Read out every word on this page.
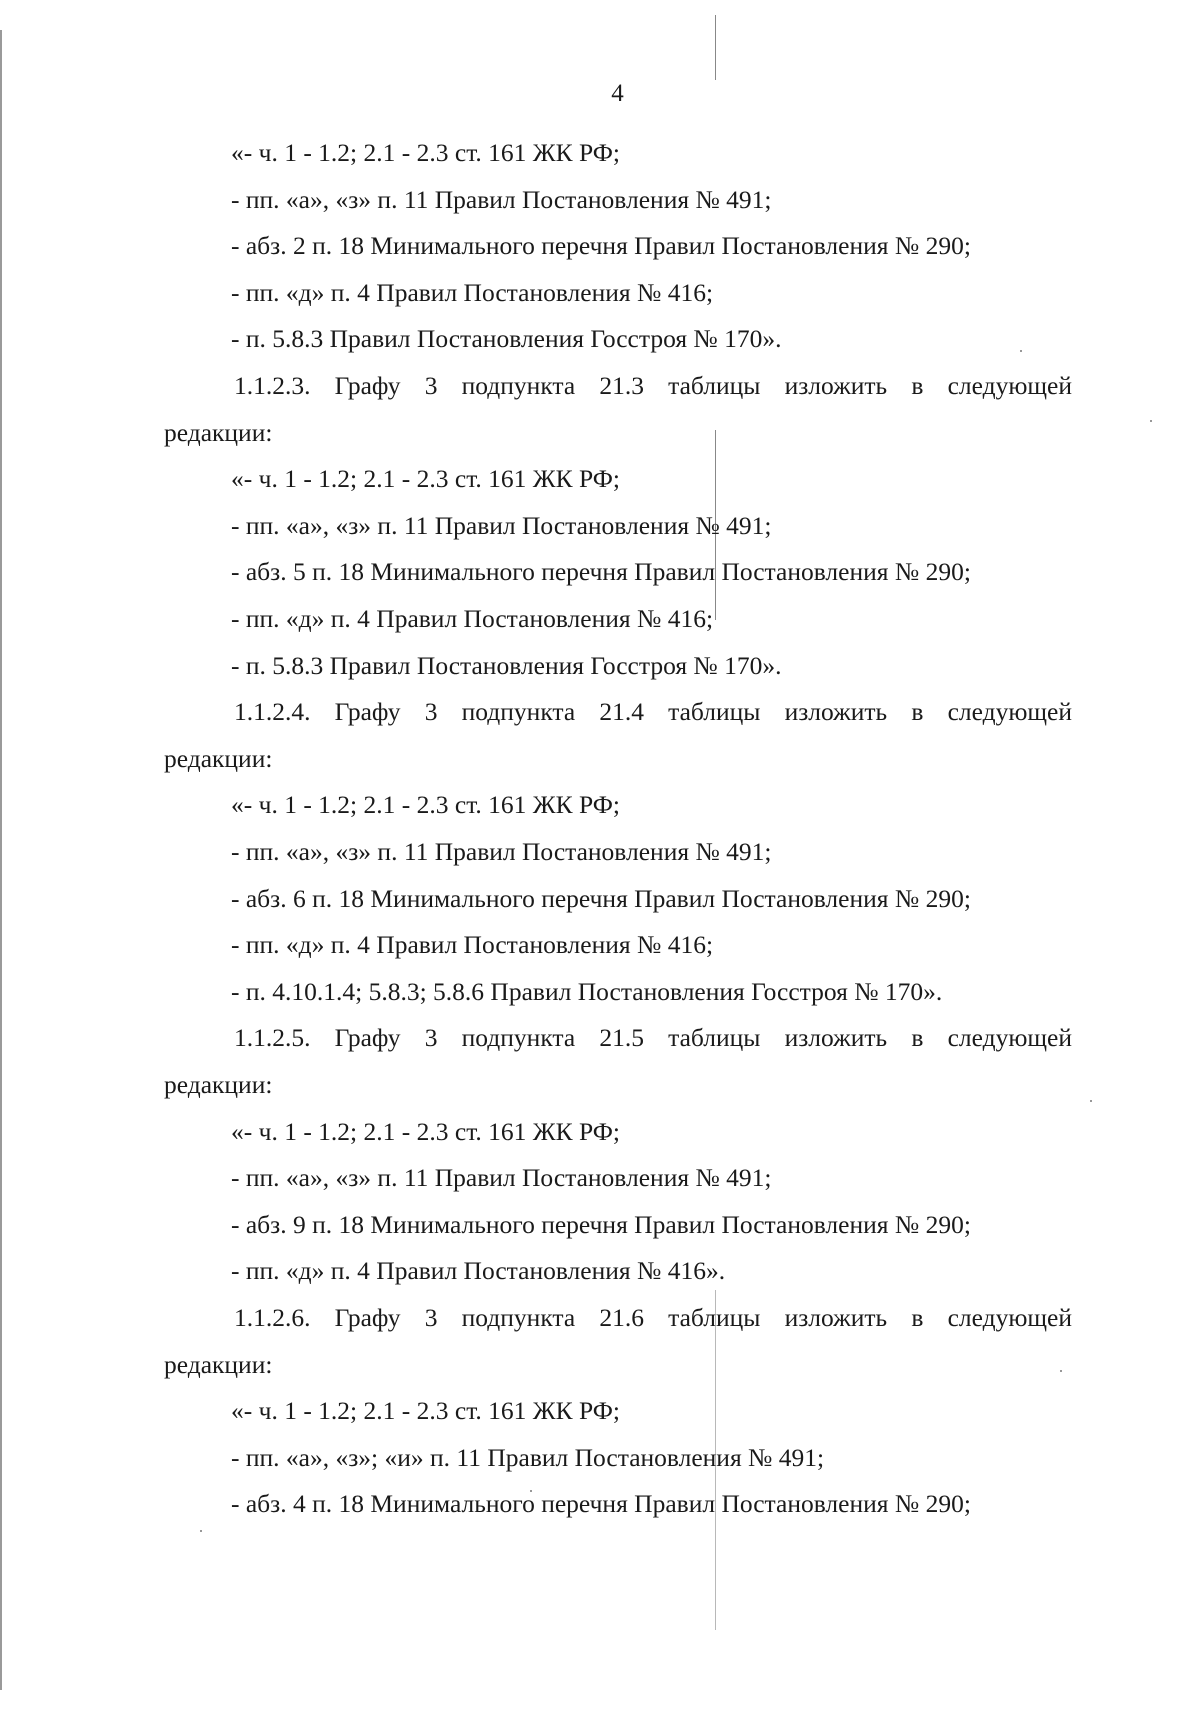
4
«- ч. 1 - 1.2; 2.1 - 2.3 ст. 161 ЖК РФ;
- пп. «а», «з» п. 11 Правил Постановления № 491;
- абз. 2 п. 18 Минимального перечня Правил Постановления № 290;
- пп. «д» п. 4 Правил Постановления № 416;
- п. 5.8.3 Правил Постановления Госстроя № 170».
1.1.2.3. Графу 3 подпункта 21.3 таблицы изложить в следующей
редакции:
«- ч. 1 - 1.2; 2.1 - 2.3 ст. 161 ЖК РФ;
- пп. «а», «з» п. 11 Правил Постановления № 491;
- абз. 5 п. 18 Минимального перечня Правил Постановления № 290;
- пп. «д» п. 4 Правил Постановления № 416;
- п. 5.8.3 Правил Постановления Госстроя № 170».
1.1.2.4. Графу 3 подпункта 21.4 таблицы изложить в следующей
редакции:
«- ч. 1 - 1.2; 2.1 - 2.3 ст. 161 ЖК РФ;
- пп. «а», «з» п. 11 Правил Постановления № 491;
- абз. 6 п. 18 Минимального перечня Правил Постановления № 290;
- пп. «д» п. 4 Правил Постановления № 416;
- п. 4.10.1.4; 5.8.3; 5.8.6 Правил Постановления Госстроя № 170».
1.1.2.5. Графу 3 подпункта 21.5 таблицы изложить в следующей
редакции:
«- ч. 1 - 1.2; 2.1 - 2.3 ст. 161 ЖК РФ;
- пп. «а», «з» п. 11 Правил Постановления № 491;
- абз. 9 п. 18 Минимального перечня Правил Постановления № 290;
- пп. «д» п. 4 Правил Постановления № 416».
1.1.2.6. Графу 3 подпункта 21.6 таблицы изложить в следующей
редакции:
«- ч. 1 - 1.2; 2.1 - 2.3 ст. 161 ЖК РФ;
- пп. «а», «з»; «и» п. 11 Правил Постановления № 491;
- абз. 4 п. 18 Минимального перечня Правил Постановления № 290;
